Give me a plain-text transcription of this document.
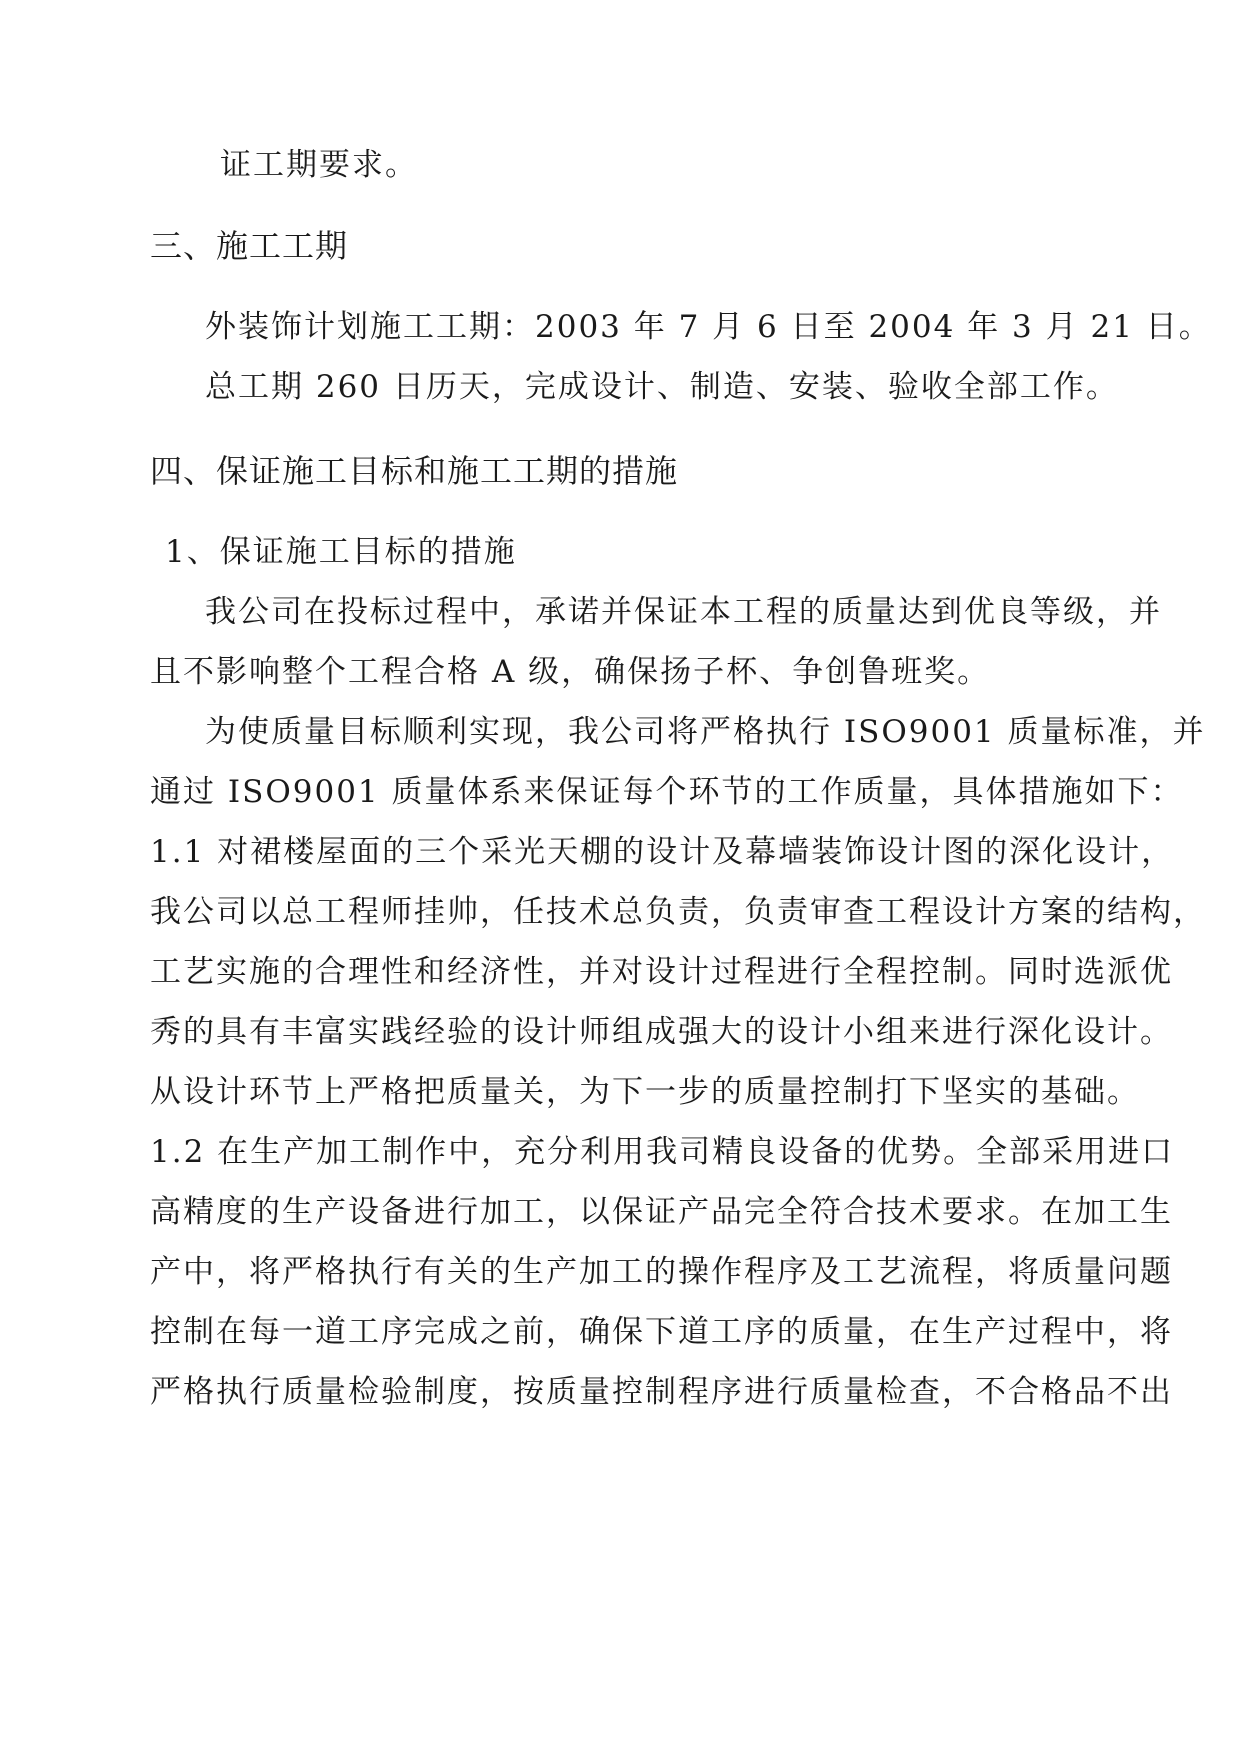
证工期要求。
三、施工工期
外装饰计划施工工期：2003 年 7 月 6 日至 2004 年 3 月 21 日。
总工期 260 日历天，完成设计、制造、安装、验收全部工作。
四、保证施工目标和施工工期的措施
1、保证施工目标的措施
我公司在投标过程中，承诺并保证本工程的质量达到优良等级，并
且不影响整个工程合格 A 级，确保扬子杯、争创鲁班奖。
为使质量目标顺利实现，我公司将严格执行 ISO9001 质量标准，并
通过 ISO9001 质量体系来保证每个环节的工作质量，具体措施如下：
1.1 对裙楼屋面的三个采光天棚的设计及幕墙装饰设计图的深化设计，
我公司以总工程师挂帅，任技术总负责，负责审查工程设计方案的结构，
工艺实施的合理性和经济性，并对设计过程进行全程控制。同时选派优
秀的具有丰富实践经验的设计师组成强大的设计小组来进行深化设计。
从设计环节上严格把质量关，为下一步的质量控制打下坚实的基础。
1.2 在生产加工制作中，充分利用我司精良设备的优势。全部采用进口
高精度的生产设备进行加工，以保证产品完全符合技术要求。在加工生
产中，将严格执行有关的生产加工的操作程序及工艺流程，将质量问题
控制在每一道工序完成之前，确保下道工序的质量，在生产过程中，将
严格执行质量检验制度，按质量控制程序进行质量检查，不合格品不出
